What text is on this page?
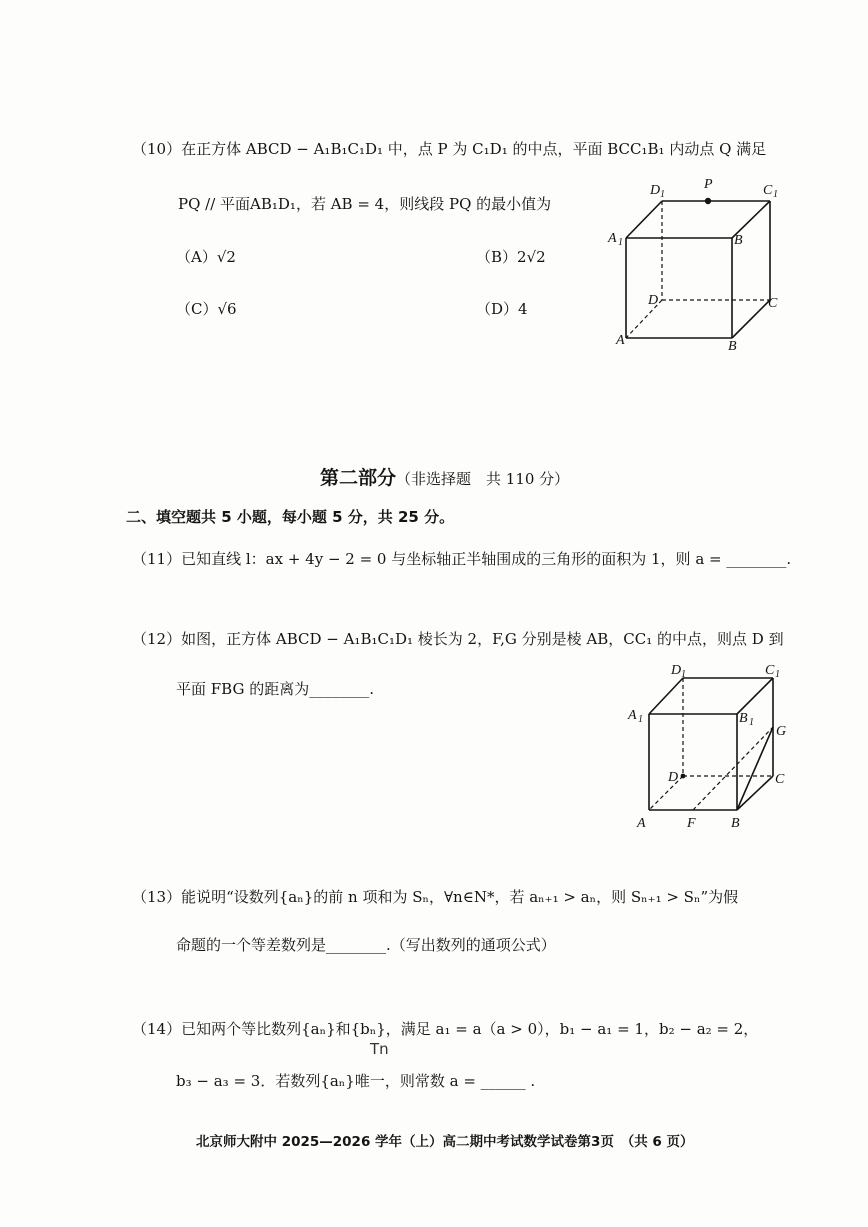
（10）在正方体 ABCD − A₁B₁C₁D₁ 中，点 P 为 C₁D₁ 的中点，平面 BCC₁B₁ 内动点 Q 满足
PQ // 平面AB₁D₁，若 AB = 4，则线段 PQ 的最小值为
（A）√2	（B）2√2
（C）√6	（D）4
D 1
P	C 1
A 1	B
D	C
A	B
第二部分（非选择题　共 110 分）
二、填空题共 5 小题，每小题 5 分，共 25 分。
（11）已知直线 l：ax + 4y − 2 = 0 与坐标轴正半轴围成的三角形的面积为 1，则 a = ________.
（12）如图，正方体 ABCD − A₁B₁C₁D₁ 棱长为 2，F,G 分别是棱 AB，CC₁ 的中点，则点 D 到
平面 FBG 的距离为________.
D 1	C 1
A 1	B 1
G
D	C
A	F	B
（13）能说明“设数列{aₙ}的前 n 项和为 Sₙ，∀n∈N*，若 aₙ₊₁ > aₙ，则 Sₙ₊₁ > Sₙ”为假
命题的一个等差数列是________.（写出数列的通项公式）
（14）已知两个等比数列{aₙ}和{bₙ}，满足 a₁ = a（a > 0），b₁ − a₁ = 1，b₂ − a₂ = 2，
Tn
b₃ − a₃ = 3．若数列{aₙ}唯一，则常数 a = ______ .
北京师大附中 2025—2026 学年（上）高二期中考试数学试卷第3页　（共 6 页）
